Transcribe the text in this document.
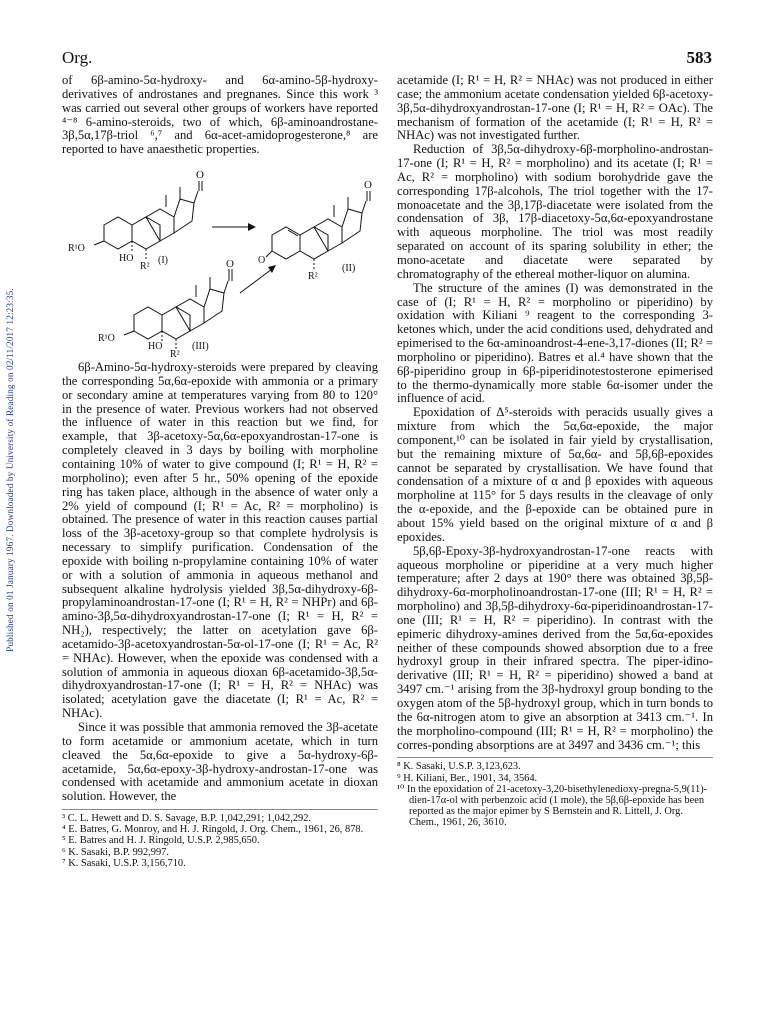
Published on 01 January 1967. Downloaded by University of Reading on 02/11/2017 12:23:35.
Org.	583

of 6β-amino-5α-hydroxy- and 6α-amino-5β-hydroxy-derivatives of androstanes and pregnanes. Since this work ³ was carried out several other groups of workers have reported ⁴⁻⁸ 6-amino-steroids, two of which, 6β-aminoandrostane-3β,5α,17β-triol ⁶,⁷ and 6α-acet-amidoprogesterone,⁸ are reported to have anaesthetic properties.

O
R¹O
HO
R²
(I)
O
O
R²
(II)
O
R¹O
HO
R²
(III)

6β-Amino-5α-hydroxy-steroids were prepared by cleaving the corresponding 5α,6α-epoxide with ammonia or a primary or secondary amine at temperatures varying from 80 to 120° in the presence of water. Previous workers had not observed the influence of water in this reaction but we find, for example, that 3β-acetoxy-5α,6α-epoxyandrostan-17-one is completely cleaved in 3 days by boiling with morpholine containing 10% of water to give compound (I; R¹ = H, R² = morpholino); even after 5 hr., 50% opening of the epoxide ring has taken place, although in the absence of water only a 2% yield of compound (I; R¹ = Ac, R² = morpholino) is obtained. The presence of water in this reaction causes partial loss of the 3β-acetoxy-group so that complete hydrolysis is necessary to simplify purification. Condensation of the epoxide with boiling n-propylamine containing 10% of water or with a solution of ammonia in aqueous methanol and subsequent alkaline hydrolysis yielded 3β,5α-dihydroxy-6β-propylaminoandrostan-17-one (I; R¹ = H, R² = NHPr) and 6β-amino-3β,5α-dihydroxyandrostan-17-one (I; R¹ = H, R² = NH₂), respectively; the latter on acetylation gave 6β-acetamido-3β-acetoxyandrostan-5α-ol-17-one (I; R¹ = Ac, R² = NHAc). However, when the epoxide was condensed with a solution of ammonia in aqueous dioxan 6β-acetamido-3β,5α-dihydroxyandrostan-17-one (I; R¹ = H, R² = NHAc) was isolated; acetylation gave the diacetate (I; R¹ = Ac, R² = NHAc).

Since it was possible that ammonia removed the 3β-acetate to form acetamide or ammonium acetate, which in turn cleaved the 5α,6α-epoxide to give a 5α-hydroxy-6β-acetamide, 5α,6α-epoxy-3β-hydroxy-androstan-17-one was condensed with acetamide and ammonium acetate in dioxan solution. However, the

³ C. L. Hewett and D. S. Savage, B.P. 1,042,291; 1,042,292.
⁴ E. Batres, G. Monroy, and H. J. Ringold, J. Org. Chem., 1961, 26, 878.
⁵ E. Batres and H. J. Ringold, U.S.P. 2,985,650.
⁶ K. Sasaki, B.P. 992,997.
⁷ K. Sasaki, U.S.P. 3,156,710.

acetamide (I; R¹ = H, R² = NHAc) was not produced in either case; the ammonium acetate condensation yielded 6β-acetoxy-3β,5α-dihydroxyandrostan-17-one (I; R¹ = H, R² = OAc). The mechanism of formation of the acetamide (I; R¹ = H, R² = NHAc) was not investigated further.

Reduction of 3β,5α-dihydroxy-6β-morpholino-androstan-17-one (I; R¹ = H, R² = morpholino) and its acetate (I; R¹ = Ac, R² = morpholino) with sodium borohydride gave the corresponding 17β-alcohols, The triol together with the 17-monoacetate and the 3β,17β-diacetate were isolated from the condensation of 3β, 17β-diacetoxy-5α,6α-epoxyandrostane with aqueous morpholine. The triol was most readily separated on account of its sparing solubility in ether; the mono-acetate and diacetate were separated by chromatography of the ethereal mother-liquor on alumina.

The structure of the amines (I) was demonstrated in the case of (I; R¹ = H, R² = morpholino or piperidino) by oxidation with Kiliani ⁹ reagent to the corresponding 3-ketones which, under the acid conditions used, dehydrated and epimerised to the 6α-aminoandrost-4-ene-3,17-diones (II; R² = morpholino or piperidino). Batres et al.⁴ have shown that the 6β-piperidino group in 6β-piperidinotestosterone epimerised to the thermo-dynamically more stable 6α-isomer under the influence of acid.

Epoxidation of Δ⁵-steroids with peracids usually gives a mixture from which the 5α,6α-epoxide, the major component,¹⁰ can be isolated in fair yield by crystallisation, but the remaining mixture of 5α,6α- and 5β,6β-epoxides cannot be separated by crystallisation. We have found that condensation of a mixture of α and β epoxides with aqueous morpholine at 115° for 5 days results in the cleavage of only the α-epoxide, and the β-epoxide can be obtained pure in about 15% yield based on the original mixture of α and β epoxides.

5β,6β-Epoxy-3β-hydroxyandrostan-17-one reacts with aqueous morpholine or piperidine at a very much higher temperature; after 2 days at 190° there was obtained 3β,5β-dihydroxy-6α-morpholinoandrostan-17-one (III; R¹ = H, R² = morpholino) and 3β,5β-dihydroxy-6α-piperidinoandrostan-17-one (III; R¹ = H, R² = piperidino). In contrast with the epimeric dihydroxy-amines derived from the 5α,6α-epoxides neither of these compounds showed absorption due to a free hydroxyl group in their infrared spectra. The piper-idino-derivative (III; R¹ = H, R² = piperidino) showed a band at 3497 cm.⁻¹ arising from the 3β-hydroxyl group bonding to the oxygen atom of the 5β-hydroxyl group, which in turn bonds to the 6α-nitrogen atom to give an absorption at 3413 cm.⁻¹. In the morpholino-compound (III; R¹ = H, R² = morpholino) the corres-ponding absorptions are at 3497 and 3436 cm.⁻¹; this

⁸ K. Sasaki, U.S.P. 3,123,623.
⁹ H. Kiliani, Ber., 1901, 34, 3564.
¹⁰ In the epoxidation of 21-acetoxy-3,20-bisethylenedioxy-pregna-5,9(11)-dien-17α-ol with perbenzoic acid (1 mole), the 5β,6β-epoxide has been reported as the major epimer by S Bernstein and R. Littell, J. Org. Chem., 1961, 26, 3610.
